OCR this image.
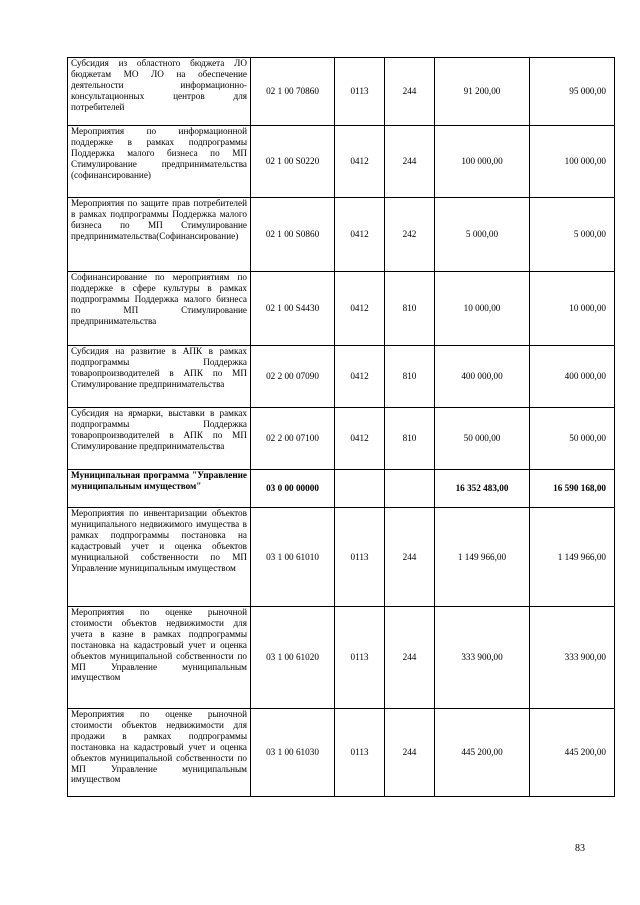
Субсидия из областного бюджета ЛО бюджетам МО ЛО на обеспечение деятельности информационно-консультационных центров для потребителей	02 1 00 70860	0113	244	91 200,00	95 000,00
Мероприятия по информационной поддержке в рамках подпрограммы Поддержка малого бизнеса по МП Стимулирование предпринимательства (софинансирование)	02 1 00 S0220	0412	244	100 000,00	100 000,00
Мероприятия по защите прав потребителей в рамках подпрограммы Поддержка малого бизнеса по МП Стимулирование предпринимательства(Софинансирование)	02 1 00 S0860	0412	242	5 000,00	5 000,00
Софинансирование по мероприятиям по поддержке в сфере культуры в рамках подпрограммы Поддержка малого бизнеса по МП Стимулирование предпринимательства	02 1 00 S4430	0412	810	10 000,00	10 000,00
Субсидия на развитие в АПК в рамках подпрограммы Поддержка товаропроизводителей в АПК по МП Стимулирование предпринимательства	02 2 00 07090	0412	810	400 000,00	400 000,00
Субсидия на ярмарки, выставки в рамках подпрограммы Поддержка товаропроизводителей в АПК по МП Стимулирование предпринимательства	02 2 00 07100	0412	810	50 000,00	50 000,00
Муниципальная программа "Управление муниципальным имуществом"	03 0 00 00000			16 352 483,00	16 590 168,00
Мероприятия по инвентаризации объектов муниципального недвижимого имущества в рамках подпрограммы постановка на кадастровый учет и оценка объектов мунициальной собственности по МП Управление муниципальным имуществом	03 1 00 61010	0113	244	1 149 966,00	1 149 966,00
Мероприятия по оценке рыночной стоимости объектов недвижимости для учета в казне в рамках подпрограммы постановка на кадастровый учет и оценка объектов муниципальной собственности по МП Управление муниципальным имуществом	03 1 00 61020	0113	244	333 900,00	333 900,00
Мероприятия по оценке рыночной стоимости объектов недвижимости для продажи в рамках подпрограммы постановка на кадастровый учет и оценка объектов муниципальной собственности по МП Управление муниципальным имуществом	03 1 00 61030	0113	244	445 200,00	445 200,00
83
